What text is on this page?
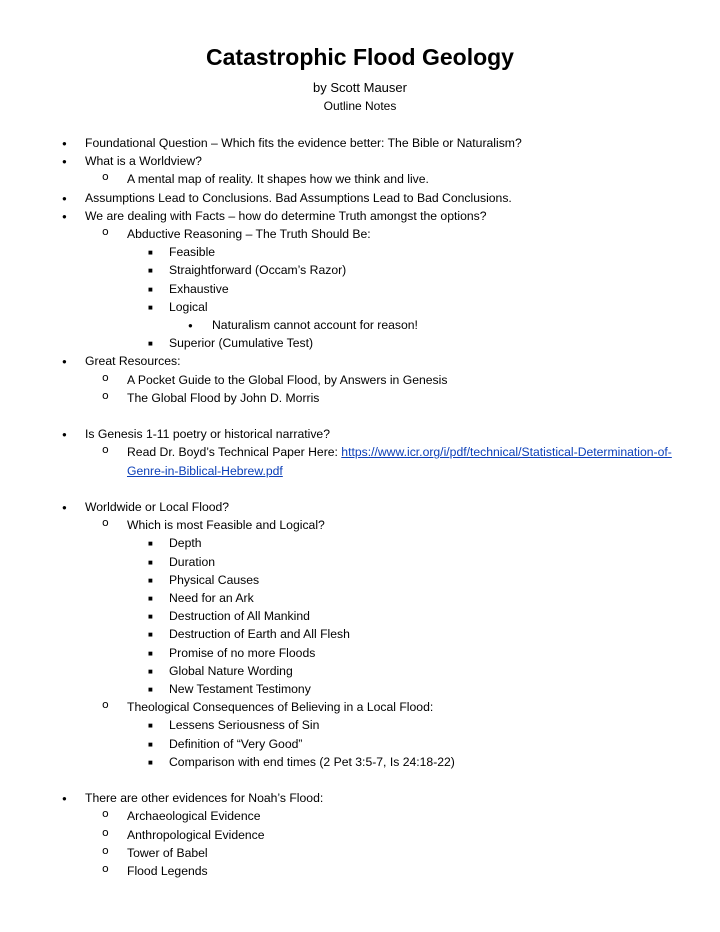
Catastrophic Flood Geology
by Scott Mauser
Outline Notes
● Foundational Question – Which fits the evidence better: The Bible or Naturalism?
● What is a Worldview?
o A mental map of reality. It shapes how we think and live.
● Assumptions Lead to Conclusions. Bad Assumptions Lead to Bad Conclusions.
● We are dealing with Facts – how do determine Truth amongst the options?
o Abductive Reasoning – The Truth Should Be:
■ Feasible
■ Straightforward (Occam’s Razor)
■ Exhaustive
■ Logical
● Naturalism cannot account for reason!
■ Superior (Cumulative Test)
● Great Resources:
o A Pocket Guide to the Global Flood, by Answers in Genesis
o The Global Flood by John D. Morris
● Is Genesis 1-11 poetry or historical narrative?
o Read Dr. Boyd’s Technical Paper Here: https://www.icr.org/i/pdf/technical/Statistical-Determination-of-
Genre-in-Biblical-Hebrew.pdf
● Worldwide or Local Flood?
o Which is most Feasible and Logical?
■ Depth
■ Duration
■ Physical Causes
■ Need for an Ark
■ Destruction of All Mankind
■ Destruction of Earth and All Flesh
■ Promise of no more Floods
■ Global Nature Wording
■ New Testament Testimony
o Theological Consequences of Believing in a Local Flood:
■ Lessens Seriousness of Sin
■ Definition of “Very Good”
■ Comparison with end times (2 Pet 3:5-7, Is 24:18-22)
● There are other evidences for Noah’s Flood:
o Archaeological Evidence
o Anthropological Evidence
o Tower of Babel
o Flood Legends
